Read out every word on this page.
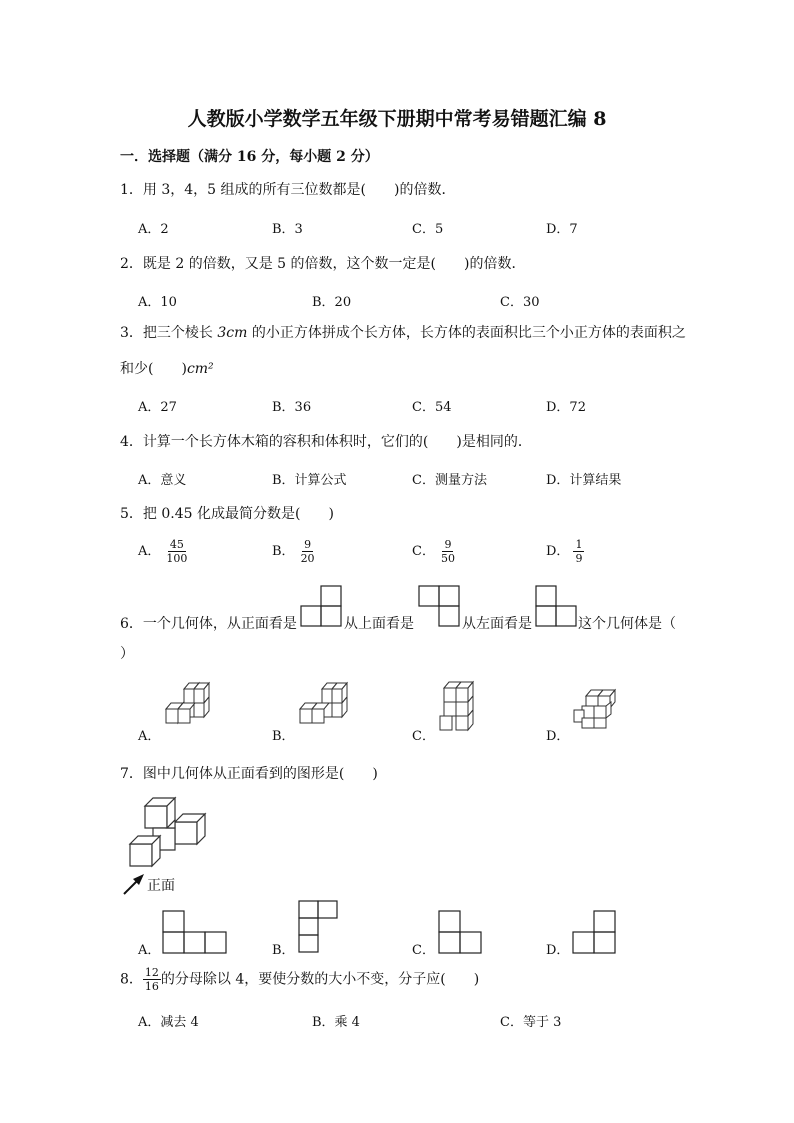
人教版小学数学五年级下册期中常考易错题汇编 8
一．选择题（满分 16 分，每小题 2 分）
1．用 3，4，5 组成的所有三位数都是(　　)的倍数．
A．2	B．3	C．5	D．7
2．既是 2 的倍数，又是 5 的倍数，这个数一定是(　　)的倍数．
A．10	B．20	C．30
3．把三个棱长 3cm 的小正方体拼成个长方体，长方体的表面积比三个小正方体的表面积之
和少(　　)cm²
A．27	B．36	C．54	D．72
4．计算一个长方体木箱的容积和体积时，它们的(　　)是相同的．
A．意义	B．计算公式	C．测量方法	D．计算结果
5．把 0.45 化成最简分数是(　　)
A． $\frac{45}{100}$	B． $\frac{9}{20}$	C． $\frac{9}{50}$	D． $\frac{1}{9}$
6．一个几何体，从正面看是	从上面看是	从左面看是	这个几何体是（
）
A．	B．	C．	D．
7．图中几何体从正面看到的图形是(　　)
正面
A．	B．	C．	D．
8． $\frac{12}{16}$ 的分母除以 4，要使分数的大小不变，分子应(　　)
A．减去 4	B．乘 4	C．等于 3
